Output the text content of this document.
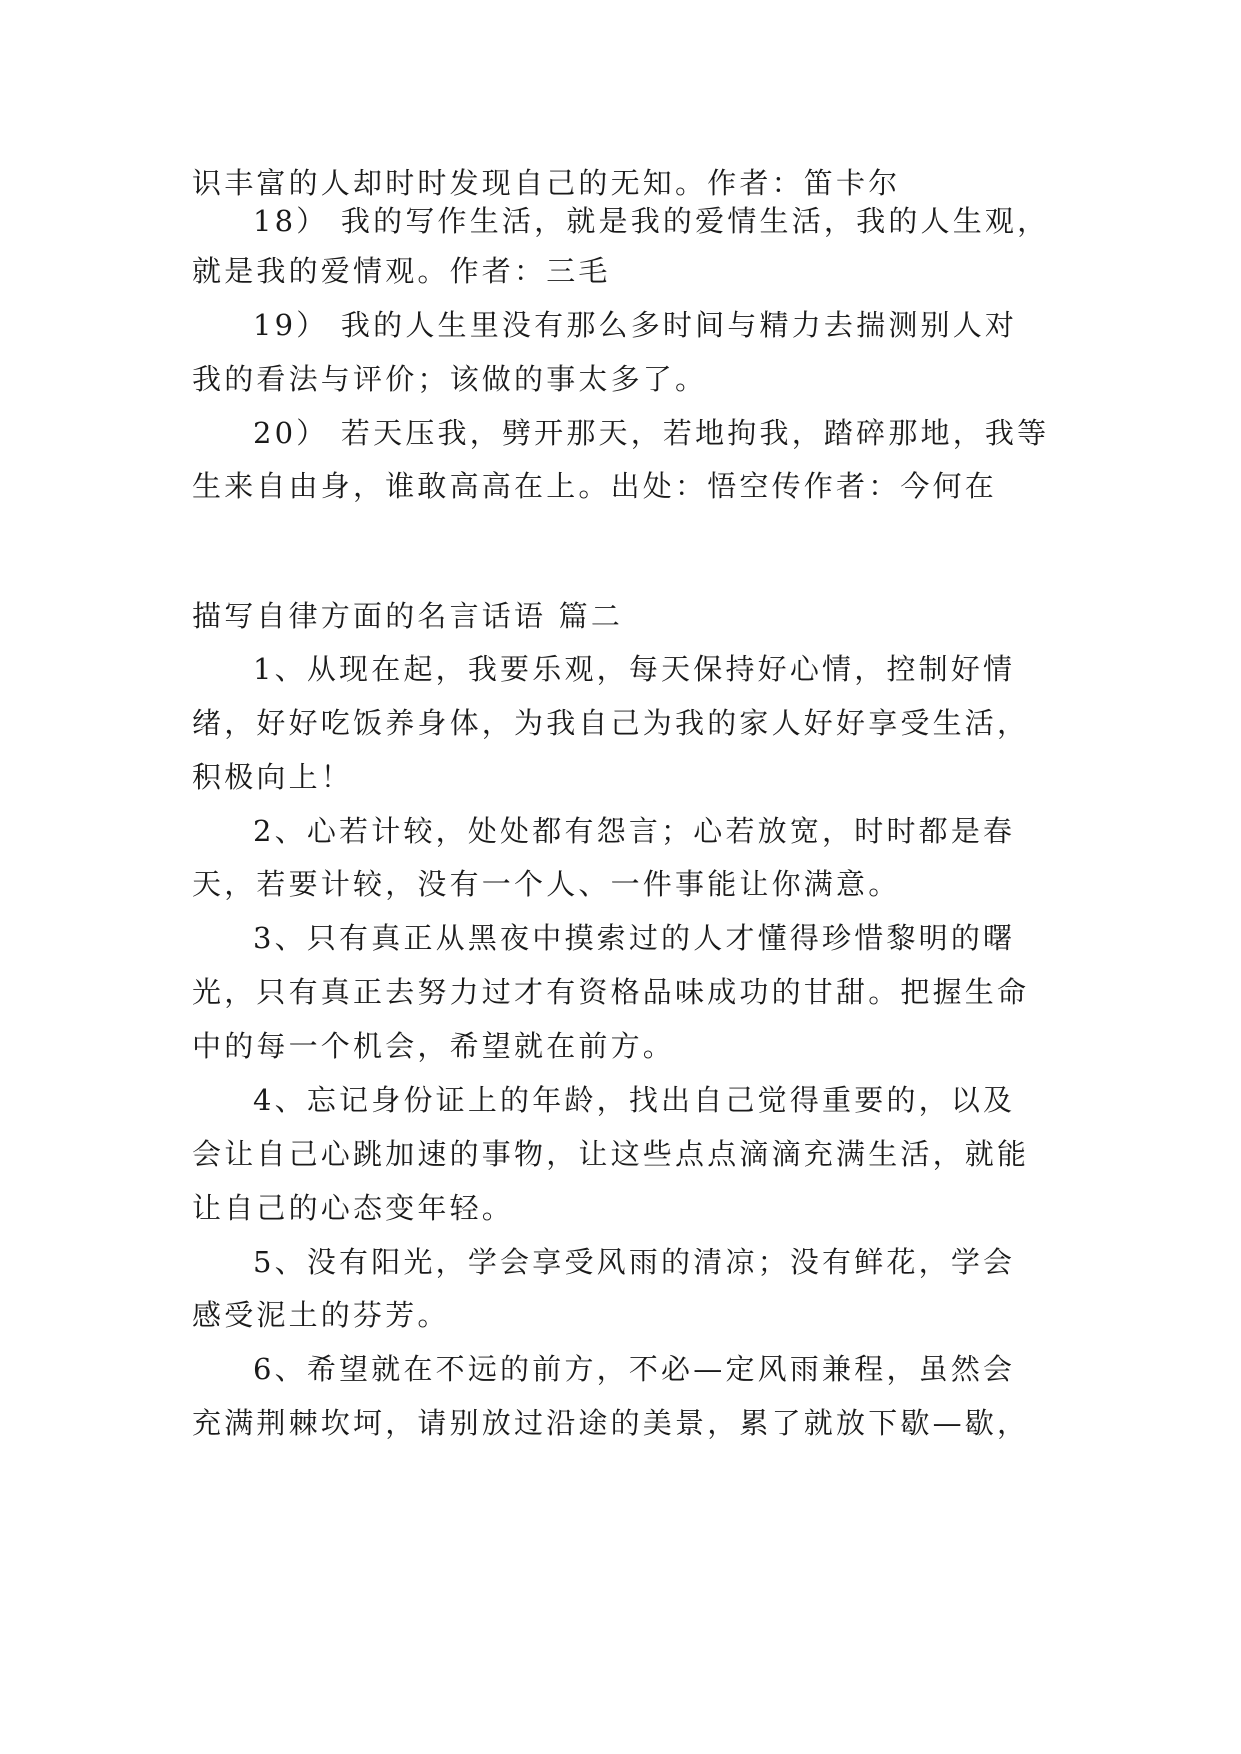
识丰富的人却时时发现自己的无知。作者：笛卡尔
18） 我的写作生活，就是我的爱情生活，我的人生观，
就是我的爱情观。作者：三毛
19） 我的人生里没有那么多时间与精力去揣测别人对
我的看法与评价；该做的事太多了。
20） 若天压我，劈开那天，若地拘我，踏碎那地，我等
生来自由身，谁敢高高在上。出处：悟空传作者：今何在
描写自律方面的名言话语 篇二
1、从现在起，我要乐观，每天保持好心情，控制好情
绪，好好吃饭养身体，为我自己为我的家人好好享受生活，
积极向上！
2、心若计较，处处都有怨言；心若放宽，时时都是春
天，若要计较，没有一个人、一件事能让你满意。
3、只有真正从黑夜中摸索过的人才懂得珍惜黎明的曙
光，只有真正去努力过才有资格品味成功的甘甜。把握生命
中的每一个机会，希望就在前方。
4、忘记身份证上的年龄，找出自己觉得重要的，以及
会让自己心跳加速的事物，让这些点点滴滴充满生活，就能
让自己的心态变年轻。
5、没有阳光，学会享受风雨的清凉；没有鲜花，学会
感受泥土的芬芳。
6、希望就在不远的前方，不必—定风雨兼程，虽然会
充满荆棘坎坷，请别放过沿途的美景，累了就放下歇—歇，
